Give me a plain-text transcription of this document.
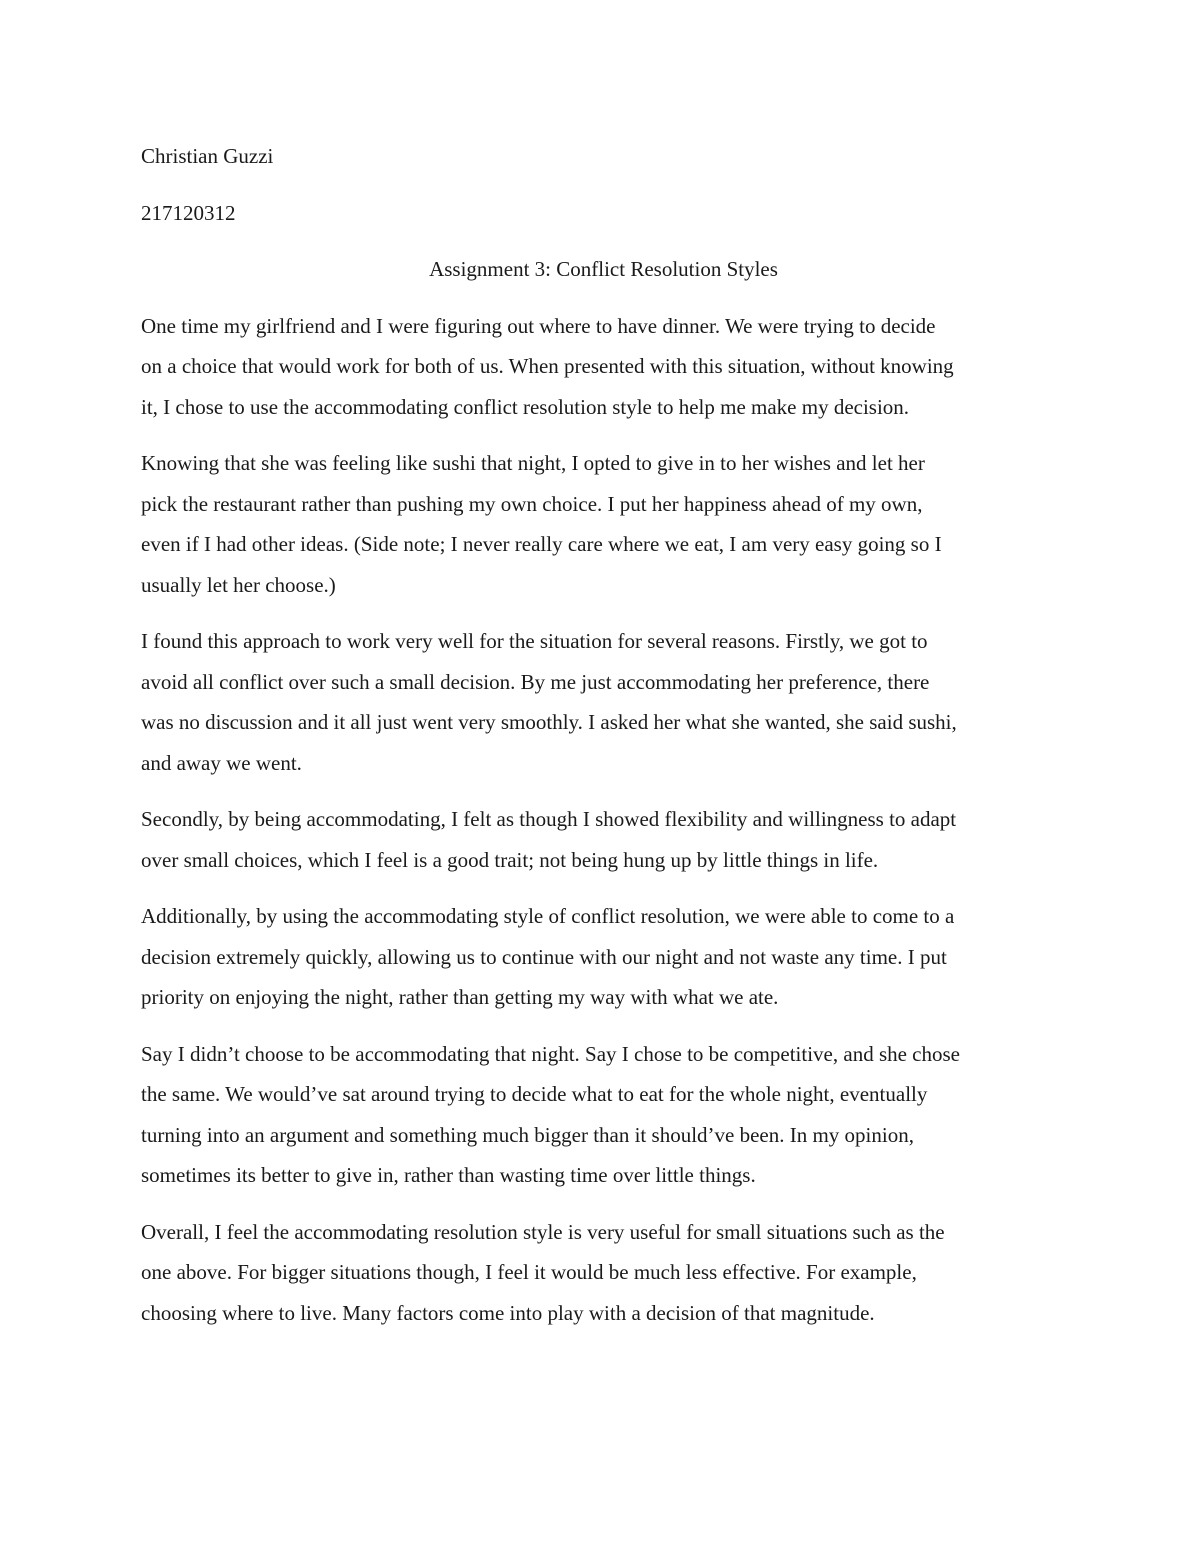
Christian Guzzi
217120312
Assignment 3: Conflict Resolution Styles
One time my girlfriend and I were figuring out where to have dinner. We were trying to decide
on a choice that would work for both of us. When presented with this situation, without knowing
it, I chose to use the accommodating conflict resolution style to help me make my decision.
Knowing that she was feeling like sushi that night, I opted to give in to her wishes and let her
pick the restaurant rather than pushing my own choice. I put her happiness ahead of my own,
even if I had other ideas. (Side note; I never really care where we eat, I am very easy going so I
usually let her choose.)
I found this approach to work very well for the situation for several reasons. Firstly, we got to
avoid all conflict over such a small decision. By me just accommodating her preference, there
was no discussion and it all just went very smoothly. I asked her what she wanted, she said sushi,
and away we went.
Secondly, by being accommodating, I felt as though I showed flexibility and willingness to adapt
over small choices, which I feel is a good trait; not being hung up by little things in life.
Additionally, by using the accommodating style of conflict resolution, we were able to come to a
decision extremely quickly, allowing us to continue with our night and not waste any time. I put
priority on enjoying the night, rather than getting my way with what we ate.
Say I didn’t choose to be accommodating that night. Say I chose to be competitive, and she chose
the same. We would’ve sat around trying to decide what to eat for the whole night, eventually
turning into an argument and something much bigger than it should’ve been. In my opinion,
sometimes its better to give in, rather than wasting time over little things.
Overall, I feel the accommodating resolution style is very useful for small situations such as the
one above. For bigger situations though, I feel it would be much less effective. For example,
choosing where to live. Many factors come into play with a decision of that magnitude.
